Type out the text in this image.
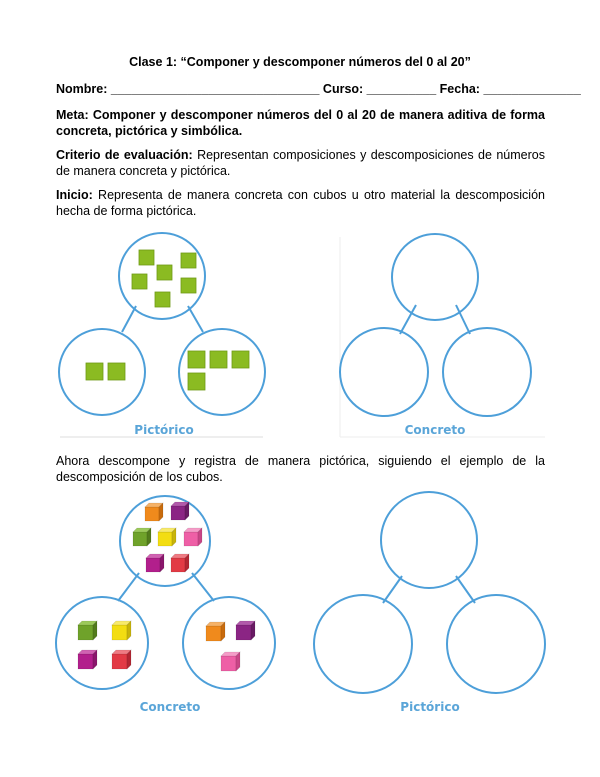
Clase 1: “Componer y descomponer números del 0 al 20”
Nombre: ______________________________ Curso: __________ Fecha: ______________
Meta: Componer y descomponer números del 0 al 20 de manera aditiva de forma concreta, pictórica y simbólica.
Criterio de evaluación: Representan composiciones y descomposiciones de números de manera concreta y pictórica.
Inicio: Representa de manera concreta con cubos u otro material la descomposición hecha de forma pictórica.
Ahora descompone y registra de manera pictórica, siguiendo el ejemplo de la descomposición de los cubos.
Pictórico	Concreto
Concreto	Pictórico
